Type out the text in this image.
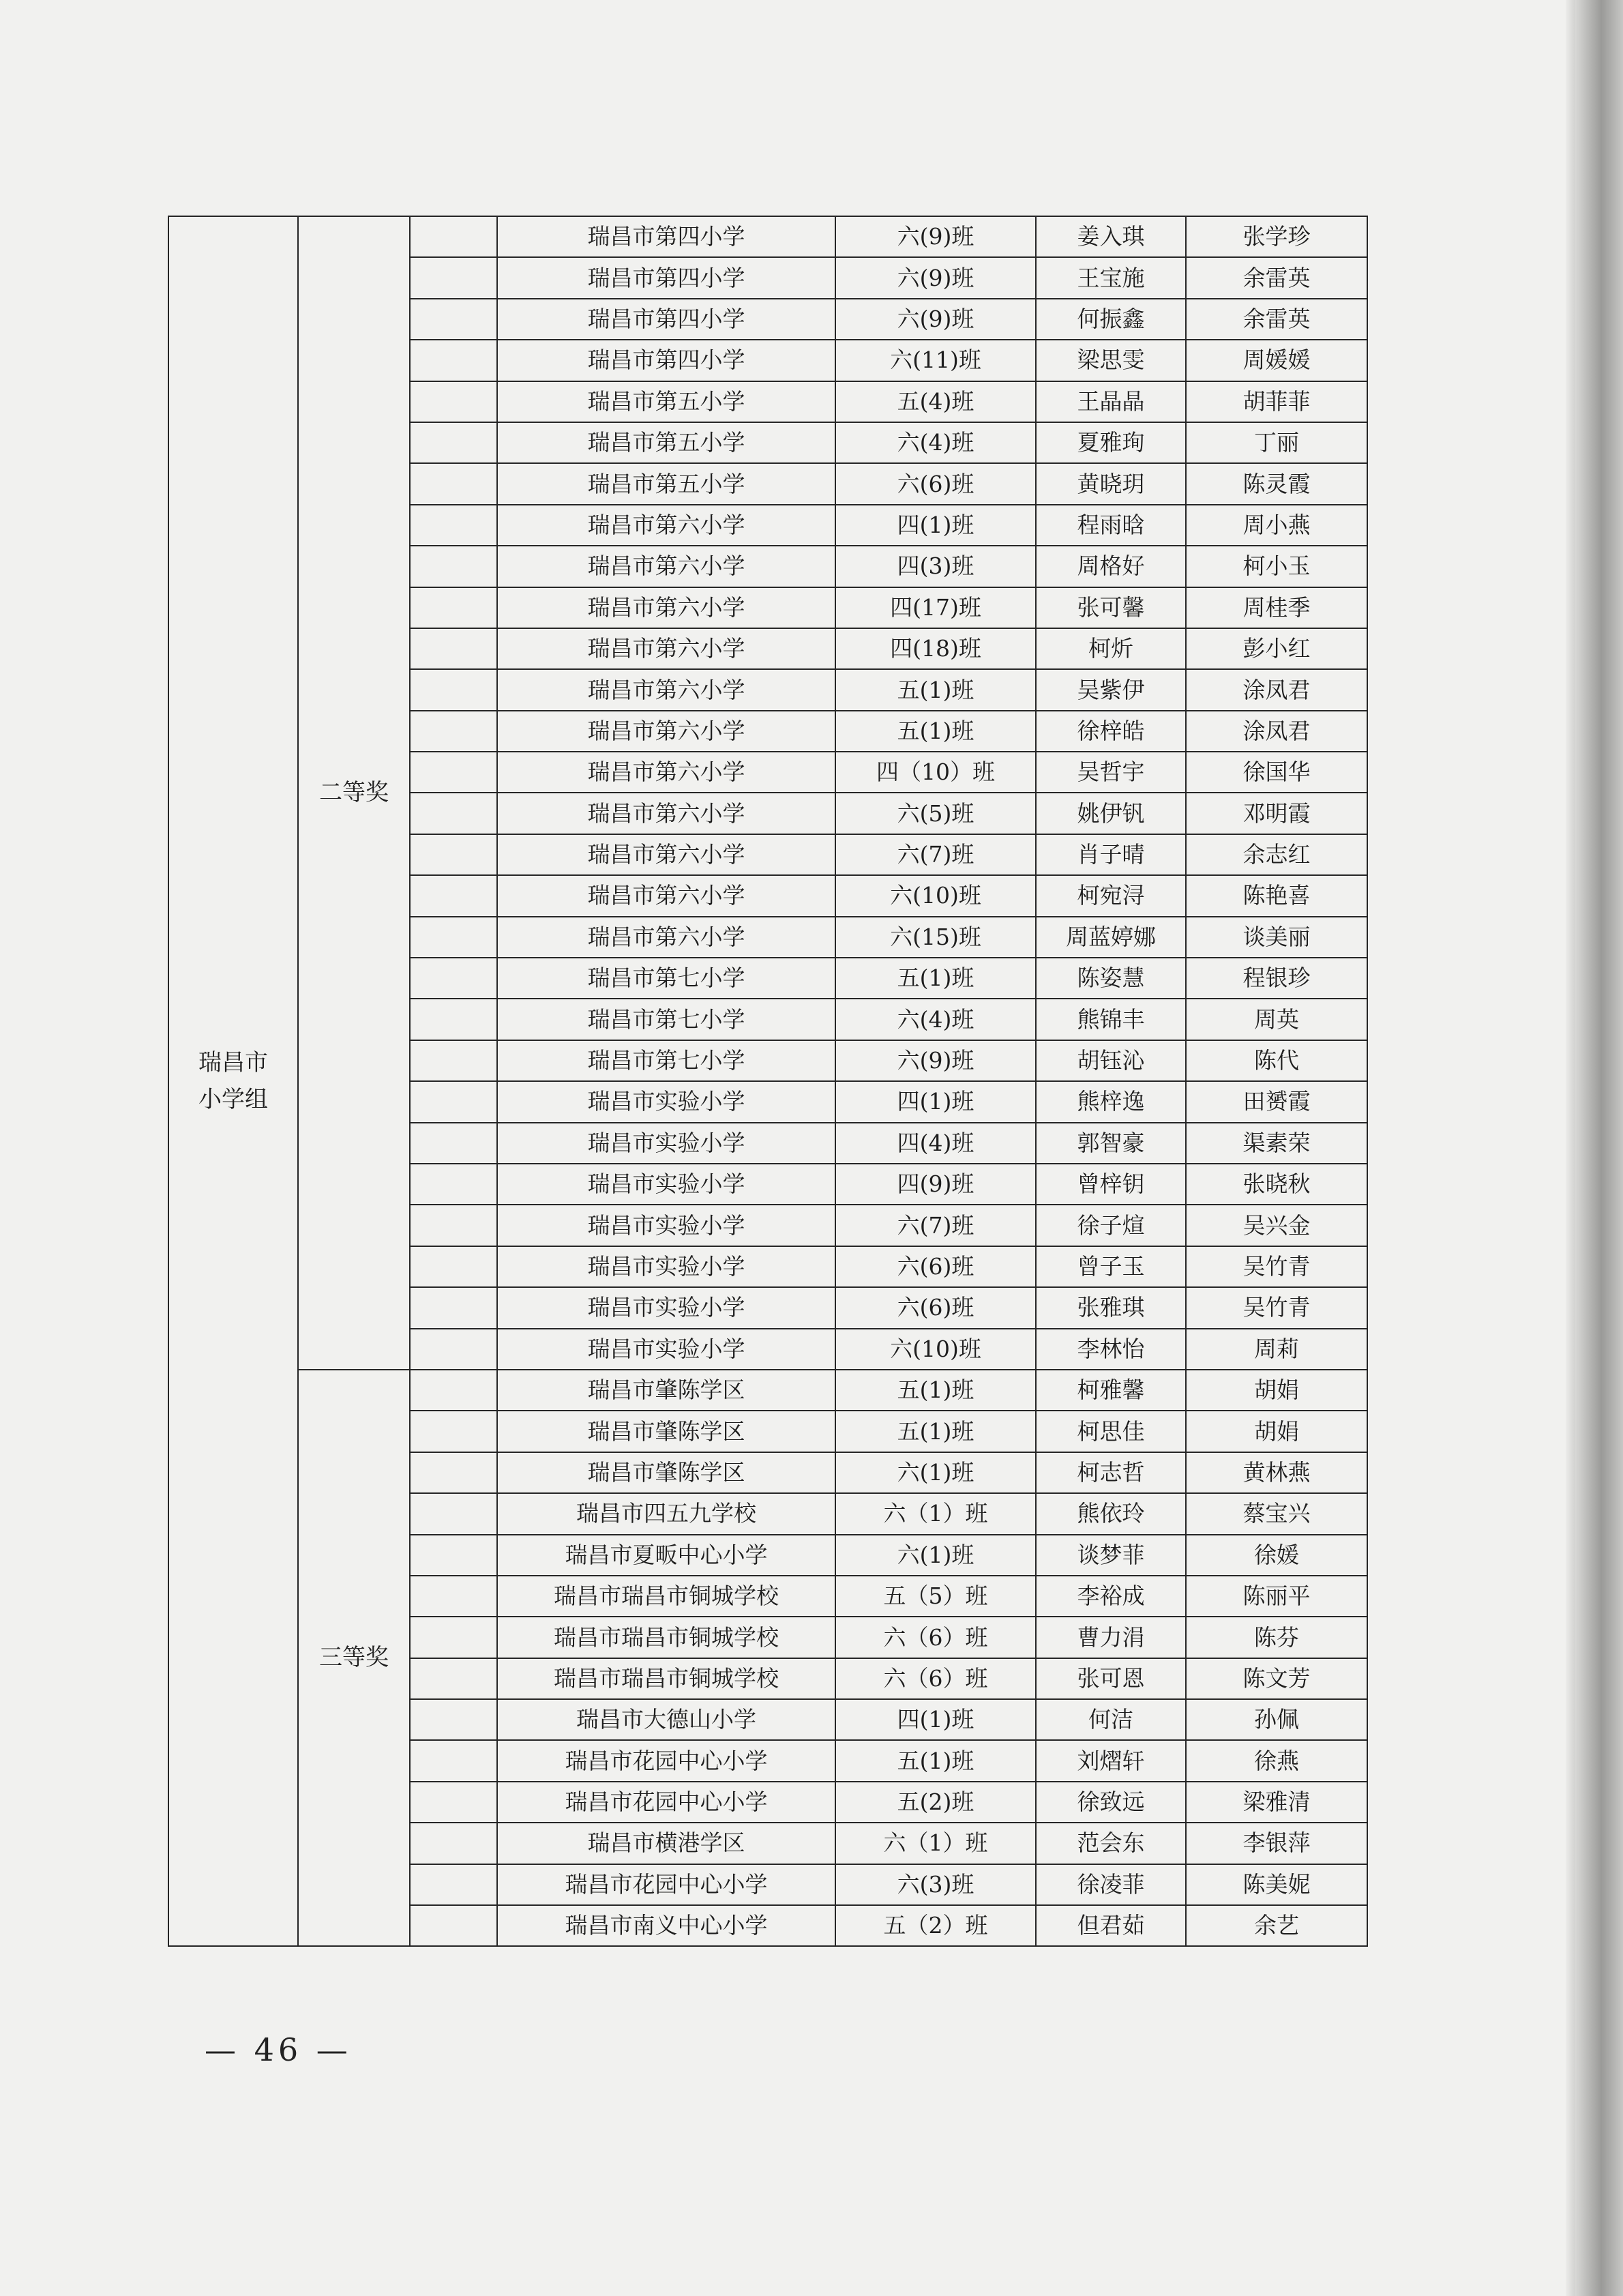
瑞昌市
小学组	二等奖		瑞昌市第四小学	六(9)班	姜入琪	张学珍
			瑞昌市第四小学	六(9)班	王宝施	余雷英
			瑞昌市第四小学	六(9)班	何振鑫	余雷英
			瑞昌市第四小学	六(11)班	梁思雯	周媛媛
			瑞昌市第五小学	五(4)班	王晶晶	胡菲菲
			瑞昌市第五小学	六(4)班	夏雅珣	丁丽
			瑞昌市第五小学	六(6)班	黄晓玥	陈灵霞
			瑞昌市第六小学	四(1)班	程雨晗	周小燕
			瑞昌市第六小学	四(3)班	周格好	柯小玉
			瑞昌市第六小学	四(17)班	张可馨	周桂季
			瑞昌市第六小学	四(18)班	柯炘	彭小红
			瑞昌市第六小学	五(1)班	吴紫伊	涂凤君
			瑞昌市第六小学	五(1)班	徐梓皓	涂凤君
			瑞昌市第六小学	四（10）班	吴哲宇	徐国华
			瑞昌市第六小学	六(5)班	姚伊钒	邓明霞
			瑞昌市第六小学	六(7)班	肖子晴	余志红
			瑞昌市第六小学	六(10)班	柯宛浔	陈艳喜
			瑞昌市第六小学	六(15)班	周蓝婷娜	谈美丽
			瑞昌市第七小学	五(1)班	陈姿慧	程银珍
			瑞昌市第七小学	六(4)班	熊锦丰	周英
			瑞昌市第七小学	六(9)班	胡钰沁	陈代
			瑞昌市实验小学	四(1)班	熊梓逸	田赟霞
			瑞昌市实验小学	四(4)班	郭智豪	渠素荣
			瑞昌市实验小学	四(9)班	曾梓钥	张晓秋
			瑞昌市实验小学	六(7)班	徐子煊	吴兴金
			瑞昌市实验小学	六(6)班	曾子玉	吴竹青
			瑞昌市实验小学	六(6)班	张雅琪	吴竹青
			瑞昌市实验小学	六(10)班	李林怡	周莉
	三等奖		瑞昌市肇陈学区	五(1)班	柯雅馨	胡娟
			瑞昌市肇陈学区	五(1)班	柯思佳	胡娟
			瑞昌市肇陈学区	六(1)班	柯志哲	黄林燕
			瑞昌市四五九学校	六（1）班	熊依玲	蔡宝兴
			瑞昌市夏畈中心小学	六(1)班	谈梦菲	徐媛
			瑞昌市瑞昌市铜城学校	五（5）班	李裕成	陈丽平
			瑞昌市瑞昌市铜城学校	六（6）班	曹力涓	陈芬
			瑞昌市瑞昌市铜城学校	六（6）班	张可恩	陈文芳
			瑞昌市大德山小学	四(1)班	何洁	孙佩
			瑞昌市花园中心小学	五(1)班	刘熠轩	徐燕
			瑞昌市花园中心小学	五(2)班	徐致远	梁雅清
			瑞昌市横港学区	六（1）班	范会东	李银萍
			瑞昌市花园中心小学	六(3)班	徐凌菲	陈美妮
			瑞昌市南义中心小学	五（2）班	但君茹	余艺
— 46 —
